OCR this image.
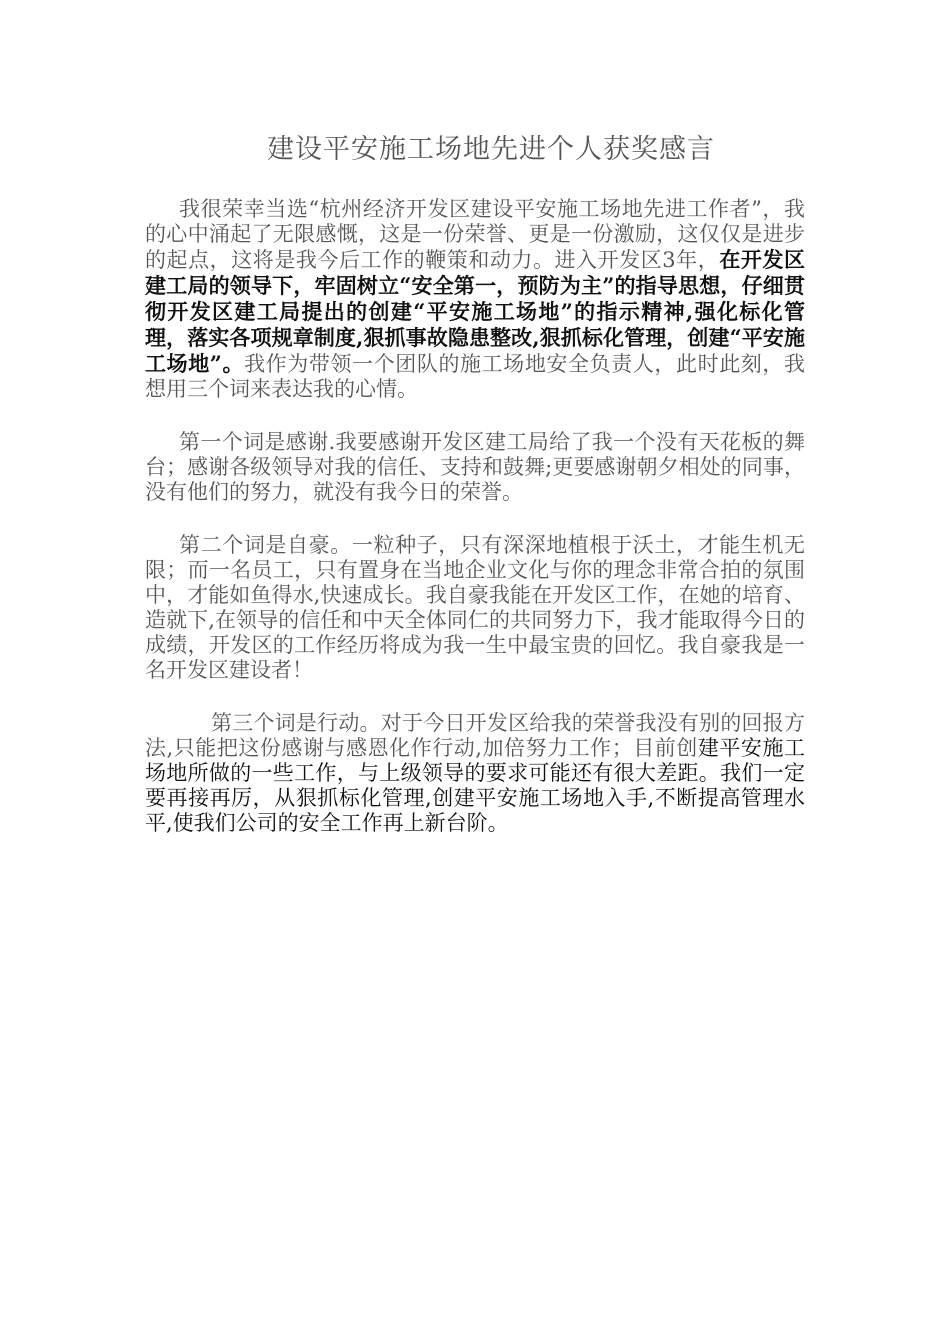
建设平安施工场地先进个人获奖感言

我很荣幸当选“杭州经济开发区建设平安施工场地先进工作者”，我的心中涌起了无限感慨，这是一份荣誉、更是一份激励，这仅仅是进步的起点，这将是我今后工作的鞭策和动力。进入开发区3年，在开发区建工局的领导下，牢固树立“安全第一，预防为主”的指导思想，仔细贯彻开发区建工局提出的创建“平安施工场地”的指示精神,强化标化管理，落实各项规章制度,狠抓事故隐患整改,狠抓标化管理，创建“平安施工场地”。我作为带领一个团队的施工场地安全负责人，此时此刻，我想用三个词来表达我的心情。

第一个词是感谢.我要感谢开发区建工局给了我一个没有天花板的舞台；感谢各级领导对我的信任、支持和鼓舞;更要感谢朝夕相处的同事，没有他们的努力，就没有我今日的荣誉。

第二个词是自豪。一粒种子，只有深深地植根于沃土，才能生机无限；而一名员工，只有置身在当地企业文化与你的理念非常合拍的氛围中，才能如鱼得水,快速成长。我自豪我能在开发区工作，在她的培育、造就下,在领导的信任和中天全体同仁的共同努力下，我才能取得今日的成绩，开发区的工作经历将成为我一生中最宝贵的回忆。我自豪我是一名开发区建设者！

第三个词是行动。对于今日开发区给我的荣誉我没有别的回报方法,只能把这份感谢与感恩化作行动,加倍努力工作；目前创建平安施工场地所做的一些工作，与上级领导的要求可能还有很大差距。我们一定要再接再厉，从狠抓标化管理,创建平安施工场地入手,不断提高管理水平,使我们公司的安全工作再上新台阶。
